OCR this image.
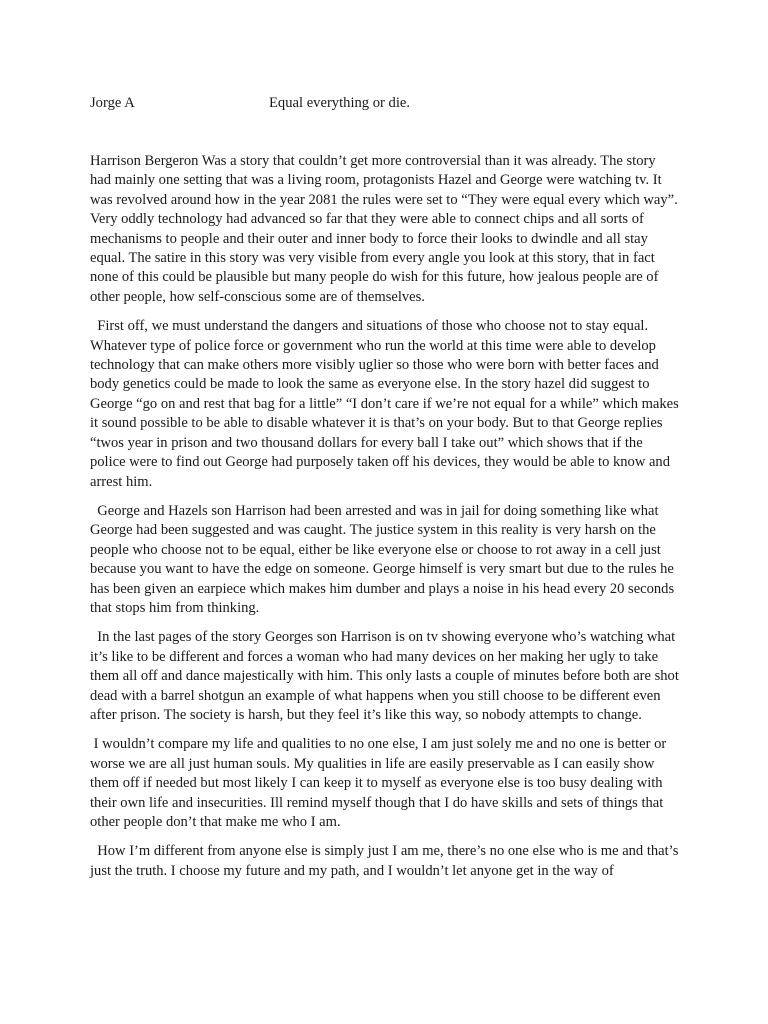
Jorge A	Equal everything or die.

Harrison Bergeron Was a story that couldn’t get more controversial than it was already. The story had mainly one setting that was a living room, protagonists Hazel and George were watching tv. It was revolved around how in the year 2081 the rules were set to “They were equal every which way”. Very oddly technology had advanced so far that they were able to connect chips and all sorts of mechanisms to people and their outer and inner body to force their looks to dwindle and all stay equal. The satire in this story was very visible from every angle you look at this story, that in fact none of this could be plausible but many people do wish for this future, how jealous people are of other people, how self-conscious some are of themselves.

First off, we must understand the dangers and situations of those who choose not to stay equal. Whatever type of police force or government who run the world at this time were able to develop technology that can make others more visibly uglier so those who were born with better faces and body genetics could be made to look the same as everyone else. In the story hazel did suggest to George “go on and rest that bag for a little” “I don’t care if we’re not equal for a while” which makes it sound possible to be able to disable whatever it is that’s on your body. But to that George replies “twos year in prison and two thousand dollars for every ball I take out” which shows that if the police were to find out George had purposely taken off his devices, they would be able to know and arrest him.

George and Hazels son Harrison had been arrested and was in jail for doing something like what George had been suggested and was caught. The justice system in this reality is very harsh on the people who choose not to be equal, either be like everyone else or choose to rot away in a cell just because you want to have the edge on someone. George himself is very smart but due to the rules he has been given an earpiece which makes him dumber and plays a noise in his head every 20 seconds that stops him from thinking.

In the last pages of the story Georges son Harrison is on tv showing everyone who’s watching what it’s like to be different and forces a woman who had many devices on her making her ugly to take them all off and dance majestically with him. This only lasts a couple of minutes before both are shot dead with a barrel shotgun an example of what happens when you still choose to be different even after prison. The society is harsh, but they feel it’s like this way, so nobody attempts to change.

I wouldn’t compare my life and qualities to no one else, I am just solely me and no one is better or worse we are all just human souls. My qualities in life are easily preservable as I can easily show them off if needed but most likely I can keep it to myself as everyone else is too busy dealing with their own life and insecurities. Ill remind myself though that I do have skills and sets of things that other people don’t that make me who I am.

How I’m different from anyone else is simply just I am me, there’s no one else who is me and that’s just the truth. I choose my future and my path, and I wouldn’t let anyone get in the way of
